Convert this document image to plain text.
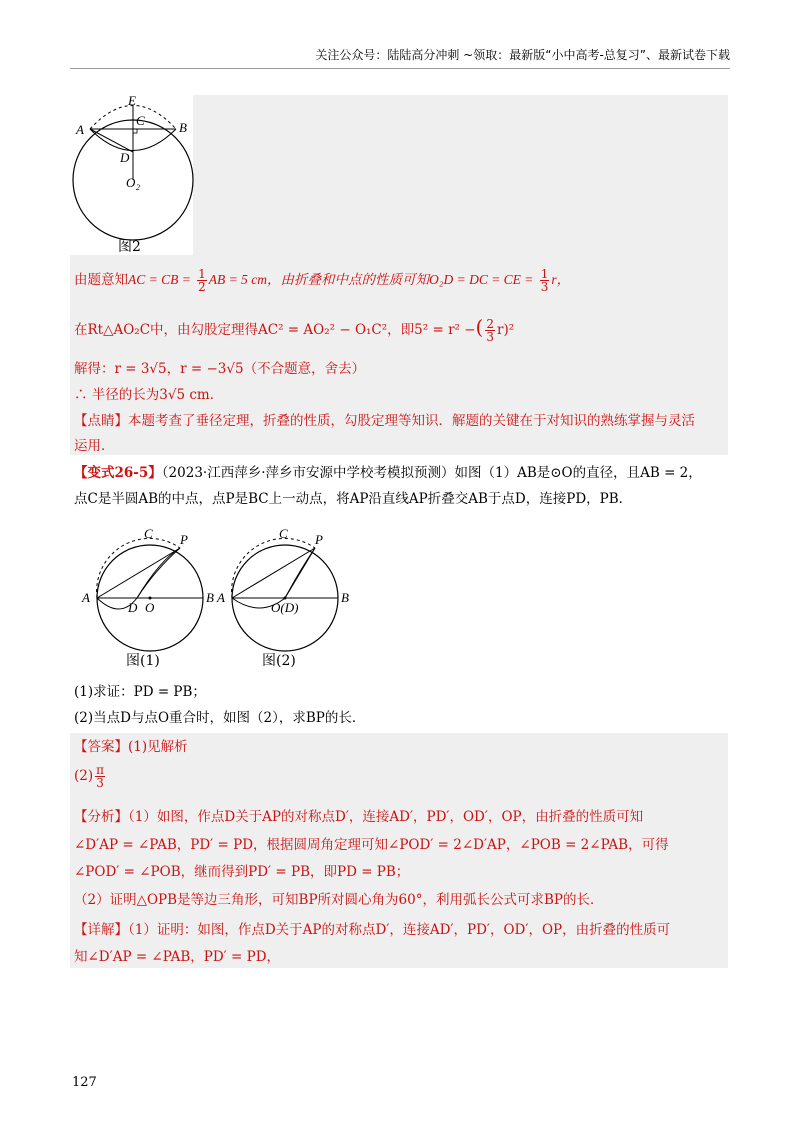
关注公众号：陆陆高分冲刺 ~领取：最新版“小中高考-总复习”、最新试卷下载
E
A
C	B
D
O 2
图2
由题意知AC = CB = $\frac{1}{2}$ AB = 5 cm，由折叠和中点的性质可知O₂D = DC = CE = $\frac{1}{3}$ r，
在Rt△AO₂C中，由勾股定理得AC² = AO₂² − O₁C²，即5² = r² −( $\frac{2}{3} r)^2$
解得：r = 3√5，r = −3√5（不合题意，舍去）
∴ 半径的长为3√5 cm．
【点睛】本题考查了垂径定理，折叠的性质，勾股定理等知识．解题的关键在于对知识的熟练掌握与灵活
运用．
【变式26-5】（2023·江西萍乡·萍乡市安源中学校考模拟预测）如图（1）AB是⊙O的直径，且AB = 2，
点C是半圆AB的中点，点P是BC上一动点，将AP沿直线AP折叠交AB于点D，连接PD，PB．
C P
A
D O
B
C P
A
O(D)
B
图(1)	图(2)
(1)求证：PD = PB；
(2)当点D与点O重合时，如图（2），求BP的长．
【答案】(1)见解析
$(2) \frac{\pi}{3}$
【分析】（1）如图，作点D关于AP的对称点D′，连接AD′，PD′，OD′，OP，由折叠的性质可知
∠D′AP = ∠PAB，PD′ = PD，根据圆周角定理可知∠POD′ = 2∠D′AP，∠POB = 2∠PAB，可得
∠POD′ = ∠POB，继而得到PD′ = PB，即PD = PB；
（2）证明△OPB是等边三角形，可知BP所对圆心角为60°，利用弧长公式可求BP的长．
【详解】（1）证明：如图，作点D关于AP的对称点D′，连接AD′，PD′，OD′，OP，由折叠的性质可
知∠D′AP = ∠PAB，PD′ = PD，
127
